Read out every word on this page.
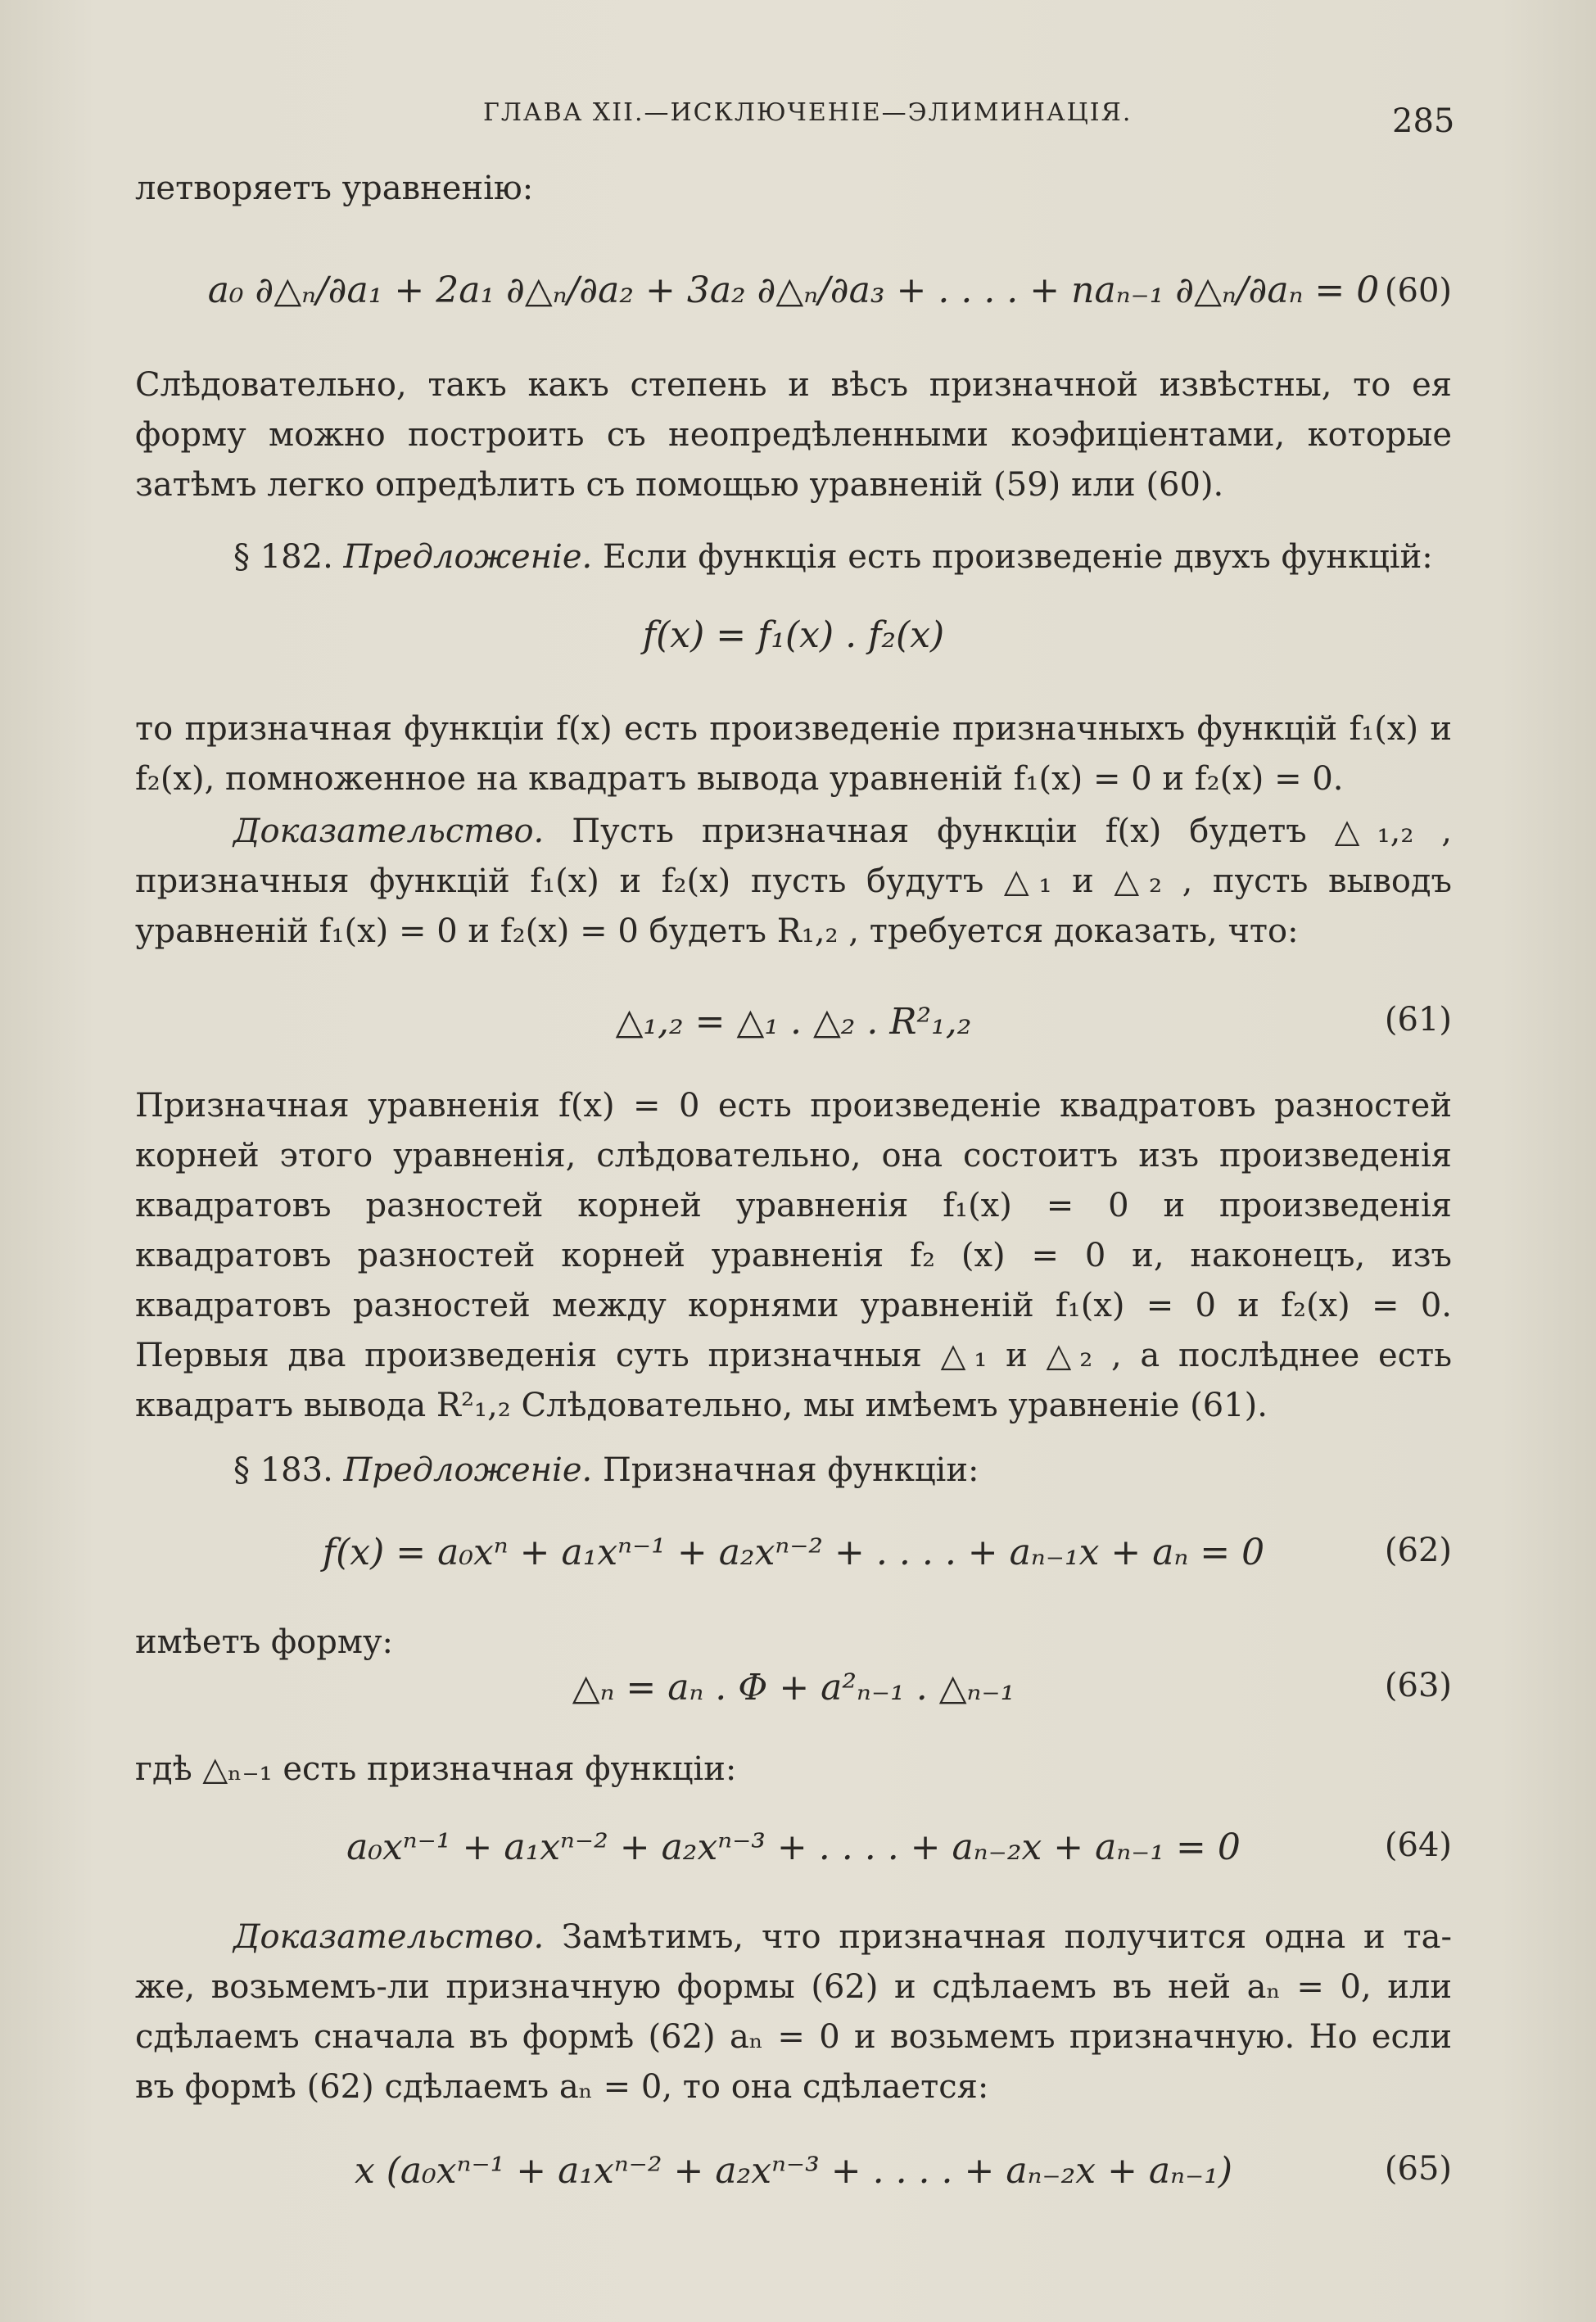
ГЛАВА XII.—ИСКЛЮЧЕНІЕ—ЭЛИМИНАЦІЯ.	285
летворяетъ уравненію:
a₀ ∂△ₙ/∂a₁ + 2a₁ ∂△ₙ/∂a₂ + 3a₂ ∂△ₙ/∂a₃ + . . . . + naₙ₋₁ ∂△ₙ/∂aₙ = 0 (60)
Слѣдовательно, такъ какъ степень и вѣсъ призначной извѣстны, то ея форму можно построить съ неопредѣленными коэфиціентами, которые затѣмъ легко опредѣлить съ помощью уравненій (59) или (60).
§ 182. Предложеніе. Если функція есть произведеніе двухъ функцій:
f(x) = f₁(x) . f₂(x)
то призначная функціи f(x) есть произведеніе призначныхъ функцій f₁(x) и f₂(x), помноженное на квадратъ вывода уравненій f₁(x) = 0 и f₂(x) = 0.
Доказательство. Пусть призначная функціи f(x) будетъ △₁,₂ , призначныя функцій f₁(x) и f₂(x) пусть будутъ △₁ и △₂ , пусть выводъ уравненій f₁(x) = 0 и f₂(x) = 0 будетъ R₁,₂ , требуется доказать, что:
△₁,₂ = △₁ . △₂ . R²₁,₂	(61)
Призначная уравненія f(x) = 0 есть произведеніе квадратовъ разностей корней этого уравненія, слѣдовательно, она состоитъ изъ произведенія квадратовъ разностей корней уравненія f₁(x) = 0 и произведенія квадратовъ разностей корней уравненія f₂ (x) = 0 и, наконецъ, изъ квадратовъ разностей между корнями уравненій f₁(x) = 0 и f₂(x) = 0. Первыя два произведенія суть призначныя △₁ и △₂ , а послѣднее есть квадратъ вывода R²₁,₂ Слѣдовательно, мы имѣемъ уравненіе (61).
§ 183. Предложеніе. Призначная функціи:
f(x) = a₀xⁿ + a₁xⁿ⁻¹ + a₂xⁿ⁻² + . . . . + aₙ₋₁x + aₙ = 0	(62)
имѣетъ форму:
△ₙ = aₙ . Φ + a²ₙ₋₁ . △ₙ₋₁	(63)
гдѣ △ₙ₋₁ есть призначная функціи:
a₀xⁿ⁻¹ + a₁xⁿ⁻² + a₂xⁿ⁻³ + . . . . + aₙ₋₂x + aₙ₋₁ = 0	(64)
Доказательство. Замѣтимъ, что призначная получится одна и та-же, возьмемъ-ли призначную формы (62) и сдѣлаемъ въ ней aₙ = 0, или сдѣлаемъ сначала въ формѣ (62) aₙ = 0 и возьмемъ призначную. Но если въ формѣ (62) сдѣлаемъ aₙ = 0, то она сдѣлается:
x (a₀xⁿ⁻¹ + a₁xⁿ⁻² + a₂xⁿ⁻³ + . . . . + aₙ₋₂x + aₙ₋₁)	(65)
